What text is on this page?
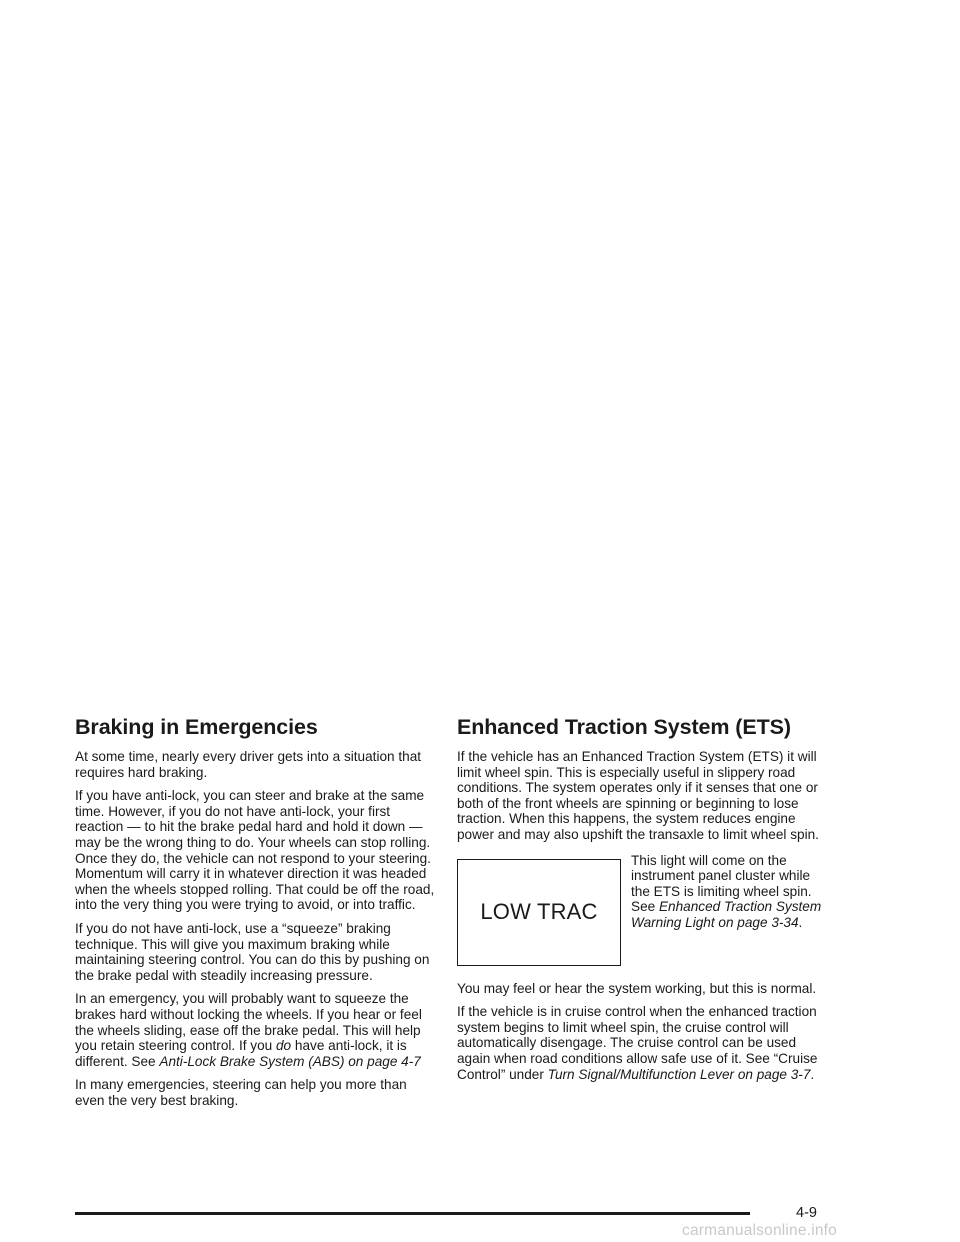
Braking in Emergencies

At some time, nearly every driver gets into a situation that requires hard braking.

If you have anti-lock, you can steer and brake at the same time. However, if you do not have anti-lock, your first reaction — to hit the brake pedal hard and hold it down — may be the wrong thing to do. Your wheels can stop rolling. Once they do, the vehicle can not respond to your steering. Momentum will carry it in whatever direction it was headed when the wheels stopped rolling. That could be off the road, into the very thing you were trying to avoid, or into traffic.

If you do not have anti-lock, use a “squeeze” braking technique. This will give you maximum braking while maintaining steering control. You can do this by pushing on the brake pedal with steadily increasing pressure.

In an emergency, you will probably want to squeeze the brakes hard without locking the wheels. If you hear or feel the wheels sliding, ease off the brake pedal. This will help you retain steering control. If you do have anti-lock, it is different. See Anti-Lock Brake System (ABS) on page 4-7

In many emergencies, steering can help you more than even the very best braking.

Enhanced Traction System (ETS)

If the vehicle has an Enhanced Traction System (ETS) it will limit wheel spin. This is especially useful in slippery road conditions. The system operates only if it senses that one or both of the front wheels are spinning or beginning to lose traction. When this happens, the system reduces engine power and may also upshift the transaxle to limit wheel spin.

LOW TRAC
This light will come on the instrument panel cluster while the ETS is limiting wheel spin. See Enhanced Traction System Warning Light on page 3-34.

You may feel or hear the system working, but this is normal.

If the vehicle is in cruise control when the enhanced traction system begins to limit wheel spin, the cruise control will automatically disengage. The cruise control can be used again when road conditions allow safe use of it. See “Cruise Control” under Turn Signal/Multifunction Lever on page 3-7.

4-9
carmanualsonline.info
